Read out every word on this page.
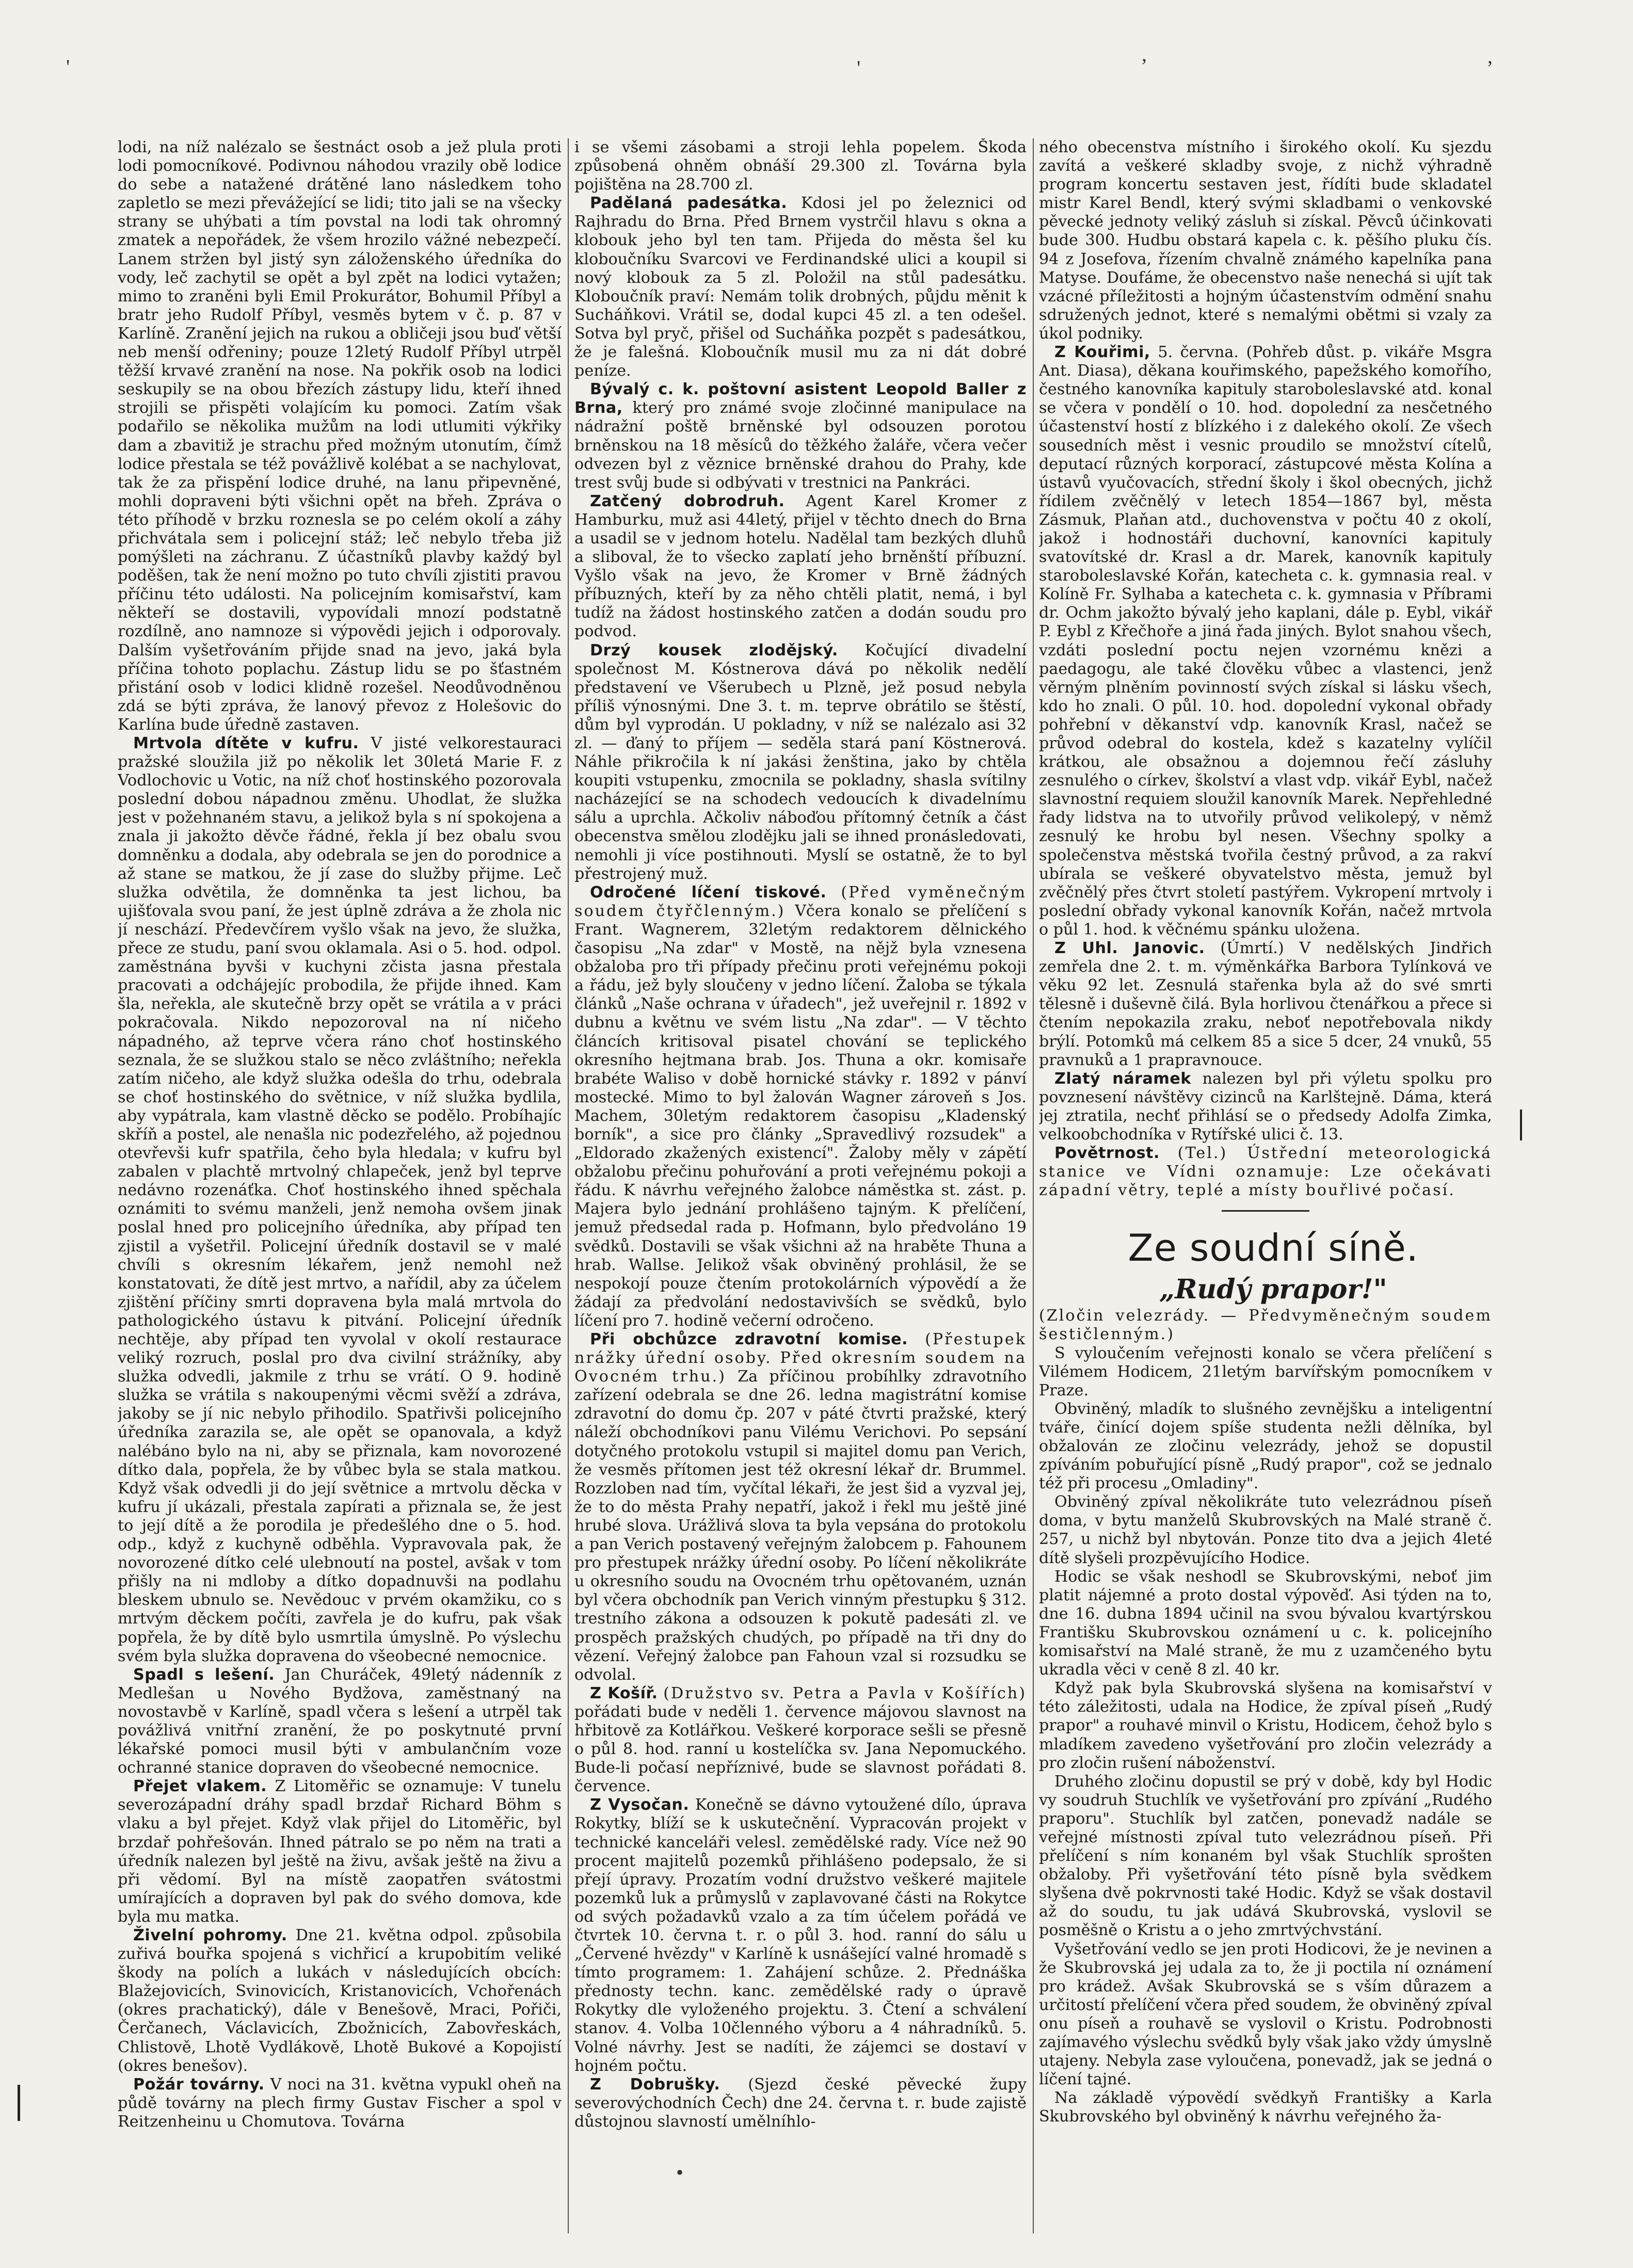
'	'	’	’
•

lodi, na níž nalézalo se šestnáct osob a jež plula proti lodi pomocníkové. Podivnou náhodou vrazily obě lodice do sebe a natažené drátěné lano následkem toho zapletlo se mezi převážející se lidi; tito jali se na všecky strany se uhýbati a tím povstal na lodi tak ohromný zmatek a nepořádek, že všem hrozilo vážné nebezpečí. Lanem stržen byl jistý syn záloženského úředníka do vody, leč zachytil se opět a byl zpět na lodici vytažen; mimo to zraněni byli Emil Prokurátor, Bohumil Příbyl a bratr jeho Rudolf Příbyl, vesměs bytem v č. p. 87 v Karlíně. Zranění jejich na rukou a obličeji jsou buď větší neb menší odřeniny; pouze 12letý Rudolf Příbyl utrpěl těžší krvavé zranění na nose. Na pokřik osob na lodici seskupily se na obou březích zástupy lidu, kteří ihned strojili se přispěti volajícím ku pomoci. Zatím však podařilo se několika mužům na lodi utlumiti výkřiky dam a zbavitiž je strachu před možným utonutím, čímž lodice přestala se též povážlivě kolébat a se nachylovat, tak že za přispění lodice druhé, na lanu připevněné, mohli dopraveni býti všichni opět na břeh. Zpráva o této příhodě v brzku roznesla se po celém okolí a záhy přichvátala sem i policejní stáž; leč nebylo třeba již pomýšleti na záchranu. Z účastníků plavby každý byl poděšen, tak že není možno po tuto chvíli zjistiti pravou příčinu této události. Na policejním komisařství, kam někteří se dostavili, vypovídali mnozí podstatně rozdílně, ano namnoze si výpovědi jejich i odporovaly. Dalším vyšetřováním přijde snad na jevo, jaká byla příčina tohoto poplachu. Zástup lidu se po šťastném přistání osob v lodici klidně rozešel. Neodůvodněnou zdá se býti zpráva, že lanový převoz z Holešovic do Karlína bude úředně zastaven.

Mrtvola dítěte v kufru. V jisté velkorestauraci pražské sloužila již po několik let 30letá Marie F. z Vodlochovic u Votic, na níž choť hostinského pozorovala poslední dobou nápadnou změnu. Uhodlat, že služka jest v požehnaném stavu, a jelikož byla s ní spokojena a znala ji jakožto děvče řádné, řekla jí bez obalu svou domněnku a dodala, aby odebrala se jen do porodnice a až stane se matkou, že jí zase do služby přijme. Leč služka odvětila, že domněnka ta jest lichou, ba ujišťovala svou paní, že jest úplně zdráva a že zhola nic jí neschází. Předevčírem vyšlo však na jevo, že služka, přece ze studu, paní svou oklamala. Asi o 5. hod. odpol. zaměstnána byvši v kuchyni zčista jasna přestala pracovati a odchájejíc probodila, že přijde ihned. Kam šla, neřekla, ale skutečně brzy opět se vrátila a v práci pokračovala. Nikdo nepozoroval na ní ničeho nápadného, až teprve včera ráno choť hostinského seznala, že se služkou stalo se něco zvláštního; neřekla zatím ničeho, ale když služka odešla do trhu, odebrala se choť hostinského do světnice, v níž služka bydlila, aby vypátrala, kam vlastně děcko se podělo. Probíhajíc skříň a postel, ale nenašla nic podezřelého, až pojednou otevřevši kufr spatřila, čeho byla hledala; v kufru byl zabalen v plachtě mrtvolný chlapeček, jenž byl teprve nedávno rozenáťka. Choť hostinského ihned spěchala oznámiti to svému manželi, jenž nemoha ovšem jinak poslal hned pro policejního úředníka, aby případ ten zjistil a vyšetřil. Policejní úředník dostavil se v malé chvíli s okresním lékařem, jenž nemohl než konstatovati, že dítě jest mrtvo, a nařídil, aby za účelem zjištění příčiny smrti dopravena byla malá mrtvola do pathologického ústavu k pitvání. Policejní úředník nechtěje, aby případ ten vyvolal v okolí restaurace veliký rozruch, poslal pro dva civilní strážníky, aby služka odvedli, jakmile z trhu se vrátí. O 9. hodině služka se vrátila s nakoupenými věcmi svěží a zdráva, jakoby se jí nic nebylo přihodilo. Spatřivši policejního úředníka zarazila se, ale opět se opanovala, a když nalébáno bylo na ni, aby se přiznala, kam novorozené dítko dala, popřela, že by vůbec byla se stala matkou. Když však odvedli ji do její světnice a mrtvolu děcka v kufru jí ukázali, přestala zapírati a přiznala se, že jest to její dítě a že porodila je předešlého dne o 5. hod. odp., když z kuchyně odběhla. Vypravovala pak, že novorozené dítko celé ulebnoutí na postel, avšak v tom přišly na ni mdloby a dítko dopadnuvši na podlahu bleskem ubnulo se. Nevědouc v prvém okamžiku, co s mrtvým děckem počíti, zavřela je do kufru, pak však popřela, že by dítě bylo usmrtila úmyslně. Po výslechu svém byla služka dopravena do všeobecné nemocnice.

Spadl s lešení. Jan Churáček, 49letý nádenník z Medlešan u Nového Bydžova, zaměstnaný na novostavbě v Karlíně, spadl včera s lešení a utrpěl tak povážlivá vnitřní zranění, že po poskytnuté první lékařské pomoci musil býti v ambulančním voze ochranné stanice dopraven do všeobecné nemocnice.

Přejet vlakem. Z Litoměřic se oznamuje: V tunelu severozápadní dráhy spadl brzdař Richard Böhm s vlaku a byl přejet. Když vlak přijel do Litoměřic, byl brzdař pohřešován. Ihned pátralo se po něm na trati a úředník nalezen byl ještě na živu, avšak ještě na živu a při vědomí. Byl na místě zaopatřen svátostmi umírajících a dopraven byl pak do svého domova, kde byla mu matka.

Živelní pohromy. Dne 21. května odpol. způsobila zuřivá bouřka spojená s vichřicí a krupobitím veliké škody na polích a lukách v následujících obcích: Blažejovicích, Svinovicích, Kristanovicích, Vchořenách (okres prachatický), dále v Benešově, Mraci, Pořiči, Čerčanech, Václavicích, Zbožnicích, Zabovřeskách, Chlistově, Lhotě Vydlákově, Lhotě Bukové a Kopojistí (okres benešov).

Požár továrny. V noci na 31. května vypukl oheň na půdě továrny na plech firmy Gustav Fischer a spol v Reitzenheinu u Chomutova. Továrna

i se všemi zásobami a stroji lehla popelem. Škoda způsobená ohněm obnáší 29.300 zl. Továrna byla pojištěna na 28.700 zl.

Padělaná padesátka. Kdosi jel po železnici od Rajhradu do Brna. Před Brnem vystrčil hlavu s okna a klobouk jeho byl ten tam. Přijeda do města šel ku kloboučníku Svarcovi ve Ferdinandské ulici a koupil si nový klobouk za 5 zl. Položil na stůl padesátku. Kloboučník praví: Nemám tolik drobných, půjdu měnit k Sucháňkovi. Vrátil se, dodal kupci 45 zl. a ten odešel. Sotva byl pryč, přišel od Sucháňka pozpět s padesátkou, že je falešná. Kloboučník musil mu za ni dát dobré peníze.

Bývalý c. k. poštovní asistent Leopold Baller z Brna, který pro známé svoje zločinné manipulace na nádražní poště brněnské byl odsouzen porotou brněnskou na 18 měsíců do těžkého žaláře, včera večer odvezen byl z věznice brněnské drahou do Prahy, kde trest svůj bude si odbývati v trestnici na Pankráci.

Zatčený dobrodruh. Agent Karel Kromer z Hamburku, muž asi 44letý, přijel v těchto dnech do Brna a usadil se v jednom hotelu. Nadělal tam bezkých dluhů a sliboval, že to všecko zaplatí jeho brněnští příbuzní. Vyšlo však na jevo, že Kromer v Brně žádných příbuzných, kteří by za něho chtěli platit, nemá, i byl tudíž na žádost hostinského zatčen a dodán soudu pro podvod.

Drzý kousek zlodějský. Kočující divadelní společnost M. Kóstnerova dává po několik nedělí představení ve Všerubech u Plzně, jež posud nebyla příliš výnosnými. Dne 3. t. m. teprve obrátilo se štěstí, dům byl vyprodán. U pokladny, v níž se nalézalo asi 32 zl. — ďaný to příjem — seděla stará paní Köstnerová. Náhle přikročila k ní jakási ženština, jako by chtěla koupiti vstupenku, zmocnila se pokladny, shasla svítilny nacházející se na schodech vedoucích k divadelnímu sálu a uprchla. Ačkoliv náboďou přítomný četník a část obecenstva smělou zlodějku jali se ihned pronásledovati, nemohli ji více postihnouti. Myslí se ostatně, že to byl přestrojený muž.

Odročené líčení tiskové. (Před vyměnečným soudem čtyřčlenným.) Včera konalo se přelíčení s Frant. Wagnerem, 32letým redaktorem dělnického časopisu „Na zdar" v Mostě, na nějž byla vznesena obžaloba pro tři případy přečinu proti veřejnému pokoji a řádu, jež byly sloučeny v jedno líčení. Žaloba se týkala článků „Naše ochrana v úřadech", jež uveřejnil r. 1892 v dubnu a květnu ve svém listu „Na zdar". — V těchto článcích kritisoval pisatel chování se teplického okresního hejtmana brab. Jos. Thuna a okr. komisaře brabéte Waliso v době hornické stávky r. 1892 v pánví mostecké. Mimo to byl žalován Wagner zároveň s Jos. Machem, 30letým redaktorem časopisu „Kladenský borník", a sice pro články „Spravedlivý rozsudek" a „Eldorado zkažených existencí". Žaloby měly v zápětí obžalobu přečinu pohuřování a proti veřejnému pokoji a řádu. K návrhu veřejného žalobce náměstka st. zást. p. Majera bylo jednání prohlášeno tajným. K přelíčení, jemuž předsedal rada p. Hofmann, bylo předvoláno 19 svědků. Dostavili se však všichni až na hraběte Thuna a hrab. Wallse. Jelikož však obviněný prohlásil, že se nespokojí pouze čtením protokolárních výpovědí a že žádají za předvolání nedostavivších se svědků, bylo líčení pro 7. hodině večerní odročeno.

Při obchůzce zdravotní komise. (Přestupek nrážky úřední osoby. Před okresním soudem na Ovocném trhu.) Za příčinou probíhlky zdravotního zařízení odebrala se dne 26. ledna magistrátní komise zdravotní do domu čp. 207 v páté čtvrti pražské, který náleží obchodníkovi panu Vilému Verichovi. Po sepsání dotyčného protokolu vstupil si majitel domu pan Verich, že vesměs přítomen jest též okresní lékař dr. Brummel. Rozzloben nad tím, vyčítal lékaři, že jest šid a vyzval jej, že to do města Prahy nepatří, jakož i řekl mu ještě jiné hrubé slova. Urážlivá slova ta byla vepsána do protokolu a pan Verich postavený veřejným žalobcem p. Fahounem pro přestupek nrážky úřední osoby. Po líčení několikráte u okresního soudu na Ovocném trhu opětovaném, uznán byl včera obchodník pan Verich vinným přestupku § 312. trestního zákona a odsouzen k pokutě padesáti zl. ve prospěch pražských chudých, po případě na tři dny do vězení. Veřejný žalobce pan Fahoun vzal si rozsudku se odvolal.

Z Košíř. (Družstvo sv. Petra a Pavla v Košířích) pořádati bude v neděli 1. července májovou slavnost na hřbitově za Kotlářkou. Veškeré korporace sešli se přesně o půl 8. hod. ranní u kostelíčka sv. Jana Nepomuckého. Bude-li počasí nepříznivé, bude se slavnost pořádati 8. července.

Z Vysočan. Konečně se dávno vytoužené dílo, úprava Rokytky, blíží se k uskutečnění. Vypracován projekt v technické kanceláři velesl. zemědělské rady. Více než 90 procent majitelů pozemků přihlášeno podepsalo, že si přejí úpravy. Prozatím vodní družstvo veškeré majitele pozemků luk a průmyslů v zaplavované části na Rokytce od svých požadavků vzalo a za tím účelem pořádá ve čtvrtek 10. června t. r. o půl 3. hod. ranní do sálu u „Červené hvězdy" v Karlíně k usnášející valné hromadě s tímto programem: 1. Zahájení schůze. 2. Přednáška přednosty techn. kanc. zemědělské rady o úpravě Rokytky dle vyloženého projektu. 3. Čtení a schválení stanov. 4. Volba 10členného výboru a 4 náhradníků. 5. Volné návrhy. Jest se nadíti, že zájemci se dostaví v hojném počtu.

Z Dobrušky. (Sjezd české pěvecké župy severovýchodních Čech) dne 24. června t. r. bude zajistě důstojnou slavností umělníhlo-

ného obecenstva místního i širokého okolí. Ku sjezdu zavítá a veškeré skladby svoje, z nichž výhradně program koncertu sestaven jest, řídíti bude skladatel mistr Karel Bendl, který svými skladbami o venkovské pěvecké jednoty veliký zásluh si získal. Pěvců účinkovati bude 300. Hudbu obstará kapela c. k. pěšího pluku čís. 94 z Josefova, řízením chvalně známého kapelníka pana Matyse. Doufáme, že obecenstvo naše nenechá si ujít tak vzácné příležitosti a hojným účastenstvím odmění snahu sdružených jednot, které s nemalými obětmi si vzaly za úkol podniky.

Z Kouřimi, 5. června. (Pohřeb důst. p. vikáře Msgra Ant. Diasa), děkana kouřimského, papežského komořího, čestného kanovníka kapituly staroboleslavské atd. konal se včera v pondělí o 10. hod. dopolední za nesčetného účastenství hostí z blízkého i z dalekého okolí. Ze všech sousedních měst i vesnic proudilo se množství cítelů, deputací různých korporací, zástupcové města Kolína a ústavů vyučovacích, střední školy i škol obecných, jichž řídilem zvěčnělý v letech 1854—1867 byl, města Zásmuk, Plaňan atd., duchovenstva v počtu 40 z okolí, jakož i hodnostáři duchovní, kanovníci kapituly svatovítské dr. Krasl a dr. Marek, kanovník kapituly staroboleslavské Kořán, katecheta c. k. gymnasia real. v Kolíně Fr. Sylhaba a katecheta c. k. gymnasia v Příbrami dr. Ochm jakožto bývalý jeho kaplani, dále p. Eybl, vikář P. Eybl z Křečhoře a jiná řada jiných. Bylot snahou všech, vzdáti poslední poctu nejen vzornému knězi a paedagogu, ale také člověku vůbec a vlastenci, jenž věrným plněním povinností svých získal si lásku všech, kdo ho znali. O půl. 10. hod. dopolední vykonal obřady pohřební v děkanství vdp. kanovník Krasl, načež se průvod odebral do kostela, kdež s kazatelny vylíčil krátkou, ale obsažnou a dojemnou řečí zásluhy zesnulého o církev, školství a vlast vdp. vikář Eybl, načež slavnostní requiem sloužil kanovník Marek. Nepřehledné řady lidstva na to utvořily průvod velikolepý, v němž zesnulý ke hrobu byl nesen. Všechny spolky a společenstva městská tvořila čestný průvod, a za rakví ubírala se veškeré obyvatelstvo města, jemuž byl zvěčnělý přes čtvrt století pastýřem. Vykropení mrtvoly i poslední obřady vykonal kanovník Kořán, načež mrtvola o půl 1. hod. k věčnému spánku uložena.

Z Uhl. Janovic. (Úmrtí.) V nedělských Jindřich zemřela dne 2. t. m. výměnkářka Barbora Tylínková ve věku 92 let. Zesnulá stařenka byla až do své smrti tělesně i duševně čilá. Byla horlivou čtenářkou a přece si čtením nepokazila zraku, neboť nepotřebovala nikdy brýlí. Potomků má celkem 85 a sice 5 dcer, 24 vnuků, 55 pravnuků a 1 prapravnouce.

Zlatý náramek nalezen byl při výletu spolku pro povznesení návštěvy cizinců na Karlštejně. Dáma, která jej ztratila, nechť přihlásí se o předsedy Adolfa Zimka, velkoobchodníka v Rytířské ulici č. 13.

Povětrnost. (Tel.) Ústřední meteorologická stanice ve Vídni oznamuje: Lze očekávati západní větry, teplé a místy bouřlivé počasí.

Ze soudní síně.

„Rudý prapor!"

(Zločin velezrády. — Předvyměnečným soudem šestičlenným.)

S vyloučením veřejnosti konalo se včera přelíčení s Vilémem Hodicem, 21letým barvířským pomocníkem v Praze.

Obviněný, mladík to slušného zevnějšku a inteligentní tváře, činící dojem spíše studenta nežli dělníka, byl obžalován ze zločinu velezrády, jehož se dopustil zpíváním pobuřující písně „Rudý prapor", což se jednalo též při procesu „Omladiny".

Obviněný zpíval několikráte tuto velezrádnou píseň doma, v bytu manželů Skubrovských na Malé straně č. 257, u nichž byl nbytován. Ponze tito dva a jejich 4leté dítě slyšeli prozpěvujícího Hodice.

Hodic se však neshodl se Skubrovskými, neboť jim platit nájemné a proto dostal výpověď. Asi týden na to, dne 16. dubna 1894 učinil na svou bývalou kvartýrskou Františku Skubrovskou oznámení u c. k. policejního komisařství na Malé straně, že mu z uzamčeného bytu ukradla věci v ceně 8 zl. 40 kr.

Když pak byla Skubrovská slyšena na komisařství v této záležitosti, udala na Hodice, že zpíval píseň „Rudý prapor" a rouhavé minvil o Kristu, Hodicem, čehož bylo s mladíkem zavedeno vyšetřování pro zločin velezrády a pro zločin rušení náboženství.

Druhého zločinu dopustil se prý v době, kdy byl Hodic vy soudruh Stuchlík ve vyšetřování pro zpívání „Rudého praporu". Stuchlík byl zatčen, ponevadž nadále se veřejné místnosti zpíval tuto velezrádnou píseň. Při přelíčení s ním konaném byl však Stuchlík sprošten obžaloby. Při vyšetřování této písně byla svědkem slyšena dvě pokrvnosti také Hodic. Když se však dostavil až do soudu, tu jak udává Skubrovská, vyslovil se posměšně o Kristu a o jeho zmrtvýchvstání.

Vyšetřování vedlo se jen proti Hodicovi, že je nevinen a že Skubrovská jej udala za to, že ji poctila ní oznámení pro krádež. Avšak Skubrovská se s vším důrazem a určitostí přelíčení včera před soudem, že obviněný zpíval onu píseň a rouhavě se vyslovil o Kristu. Podrobnosti zajímavého výslechu svědků byly však jako vždy úmyslně utajeny. Nebyla zase vyloučena, ponevadž, jak se jedná o líčení tajné.

Na základě výpovědí svědkyň Františky a Karla Skubrovského byl obviněný k návrhu veřejného ža-
